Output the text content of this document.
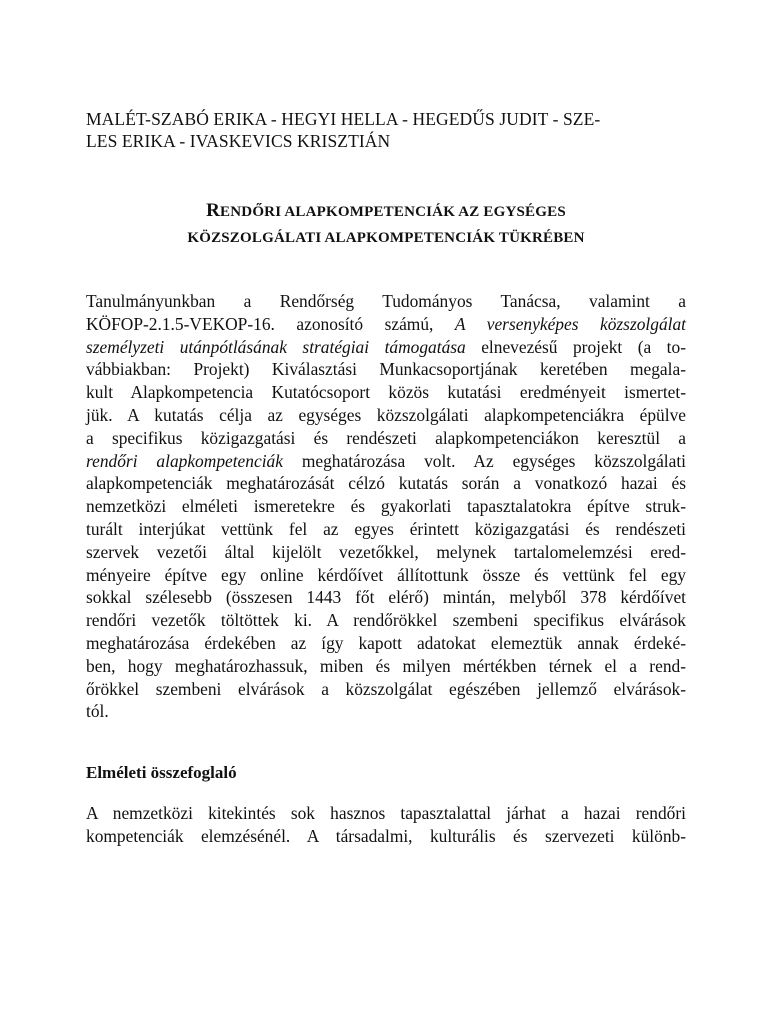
MALÉT-SZABÓ ERIKA - HEGYI HELLA - HEGEDŰS JUDIT - SZE-
LES ERIKA - IVASKEVICS KRISZTIÁN
RENDŐRI ALAPKOMPETENCIÁK AZ EGYSÉGES
KÖZSZOLGÁLATI ALAPKOMPETENCIÁK TÜKRÉBEN
Tanulmányunkban a Rendőrség Tudományos Tanácsa, valamint a
KÖFOP-2.1.5-VEKOP-16. azonosító számú, A versenyképes közszolgálat
személyzeti utánpótlásának stratégiai támogatása elnevezésű projekt (a to-
vábbiakban: Projekt) Kiválasztási Munkacsoportjának keretében megala-
kult Alapkompetencia Kutatócsoport közös kutatási eredményeit ismertet-
jük. A kutatás célja az egységes közszolgálati alapkompetenciákra épülve
a specifikus közigazgatási és rendészeti alapkompetenciákon keresztül a
rendőri alapkompetenciák meghatározása volt. Az egységes közszolgálati
alapkompetenciák meghatározását célzó kutatás során a vonatkozó hazai és
nemzetközi elméleti ismeretekre és gyakorlati tapasztalatokra építve struk-
turált interjúkat vettünk fel az egyes érintett közigazgatási és rendészeti
szervek vezetői által kijelölt vezetőkkel, melynek tartalomelemzési ered-
ményeire építve egy online kérdőívet állítottunk össze és vettünk fel egy
sokkal szélesebb (összesen 1443 főt elérő) mintán, melyből 378 kérdőívet
rendőri vezetők töltöttek ki. A rendőrökkel szembeni specifikus elvárások
meghatározása érdekében az így kapott adatokat elemeztük annak érdeké-
ben, hogy meghatározhassuk, miben és milyen mértékben térnek el a rend-
őrökkel szembeni elvárások a közszolgálat egészében jellemző elvárások-
tól.
Elméleti összefoglaló
A nemzetközi kitekintés sok hasznos tapasztalattal járhat a hazai rendőri
kompetenciák elemzésénél. A társadalmi, kulturális és szervezeti különb-
